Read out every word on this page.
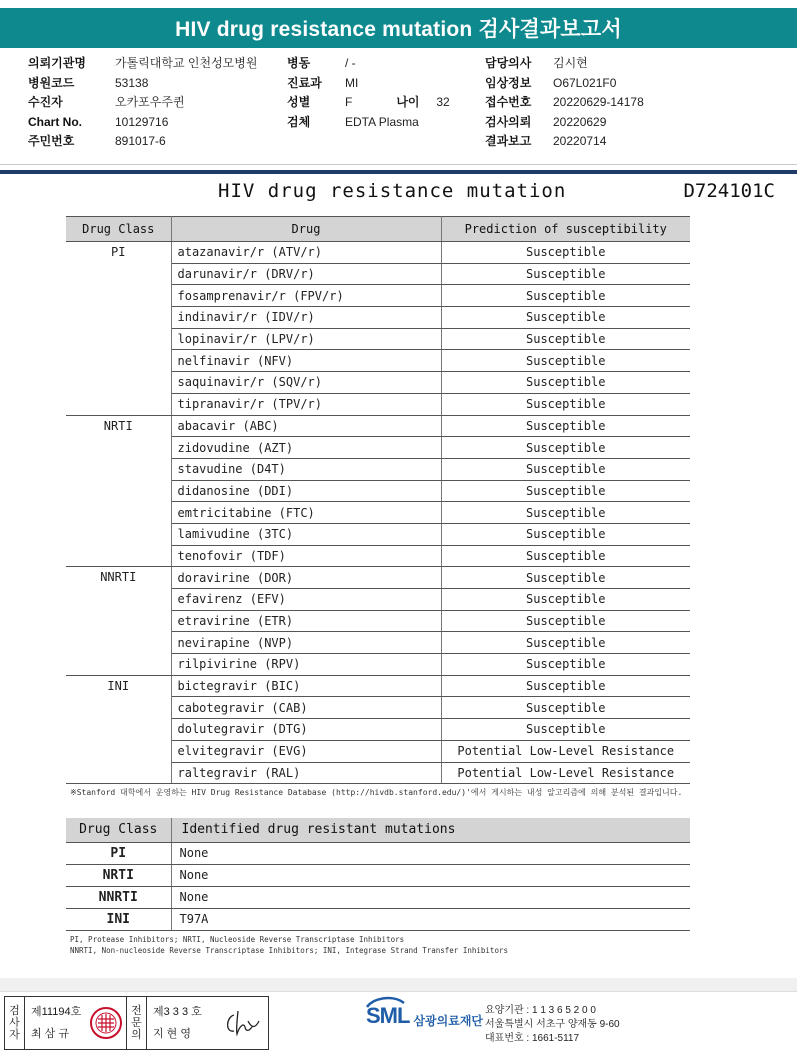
HIV drug resistance mutation 검사결과보고서
의뢰기관명	가톨릭대학교 인천성모병원
병원코드	53138
수진자	오카포우주퀸
Chart No.	10129716
주민번호	891017-6
병동	/ -
진료과	MI
성별	F	나이	32
검체	EDTA Plasma
담당의사	김시현
임상정보	O67L021F0
접수번호	20220629-14178
검사의뢰	20220629
결과보고	20220714
HIV drug resistance mutation	D724101C
Drug Class	Drug	Prediction of susceptibility
PI	atazanavir/r (ATV/r)	Susceptible
	darunavir/r (DRV/r)	Susceptible
	fosamprenavir/r (FPV/r)	Susceptible
	indinavir/r (IDV/r)	Susceptible
	lopinavir/r (LPV/r)	Susceptible
	nelfinavir (NFV)	Susceptible
	saquinavir/r (SQV/r)	Susceptible
	tipranavir/r (TPV/r)	Susceptible
NRTI	abacavir (ABC)	Susceptible
	zidovudine (AZT)	Susceptible
	stavudine (D4T)	Susceptible
	didanosine (DDI)	Susceptible
	emtricitabine (FTC)	Susceptible
	lamivudine (3TC)	Susceptible
	tenofovir (TDF)	Susceptible
NNRTI	doravirine (DOR)	Susceptible
	efavirenz (EFV)	Susceptible
	etravirine (ETR)	Susceptible
	nevirapine (NVP)	Susceptible
	rilpivirine (RPV)	Susceptible
INI	bictegravir (BIC)	Susceptible
	cabotegravir (CAB)	Susceptible
	dolutegravir (DTG)	Susceptible
	elvitegravir (EVG)	Potential Low-Level Resistance
	raltegravir (RAL)	Potential Low-Level Resistance
※Stanford 대학에서 운영하는 HIV Drug Resistance Database (http://hivdb.stanford.edu/)'에서 게시하는 내성 알고리즘에 의해 분석된 결과입니다.
Drug Class	Identified drug resistant mutations
PI	None
NRTI	None
NNRTI	None
INI	T97A
PI, Protease Inhibitors; NRTI, Nucleoside Reverse Transcriptase Inhibitors
NNRTI, Non-nucleoside Reverse Transcriptase Inhibitors; INI, Integrase Strand Transfer Inhibitors
검
사
자
제11194호
최 삼 규
전
문
의
제3 3 3 호
지 현 영
SML 삼광의료재단
요양기관 : 1 1 3 6 5 2 0 0
서울특별시 서초구 양재동 9-60
대표번호 : 1661-5117
